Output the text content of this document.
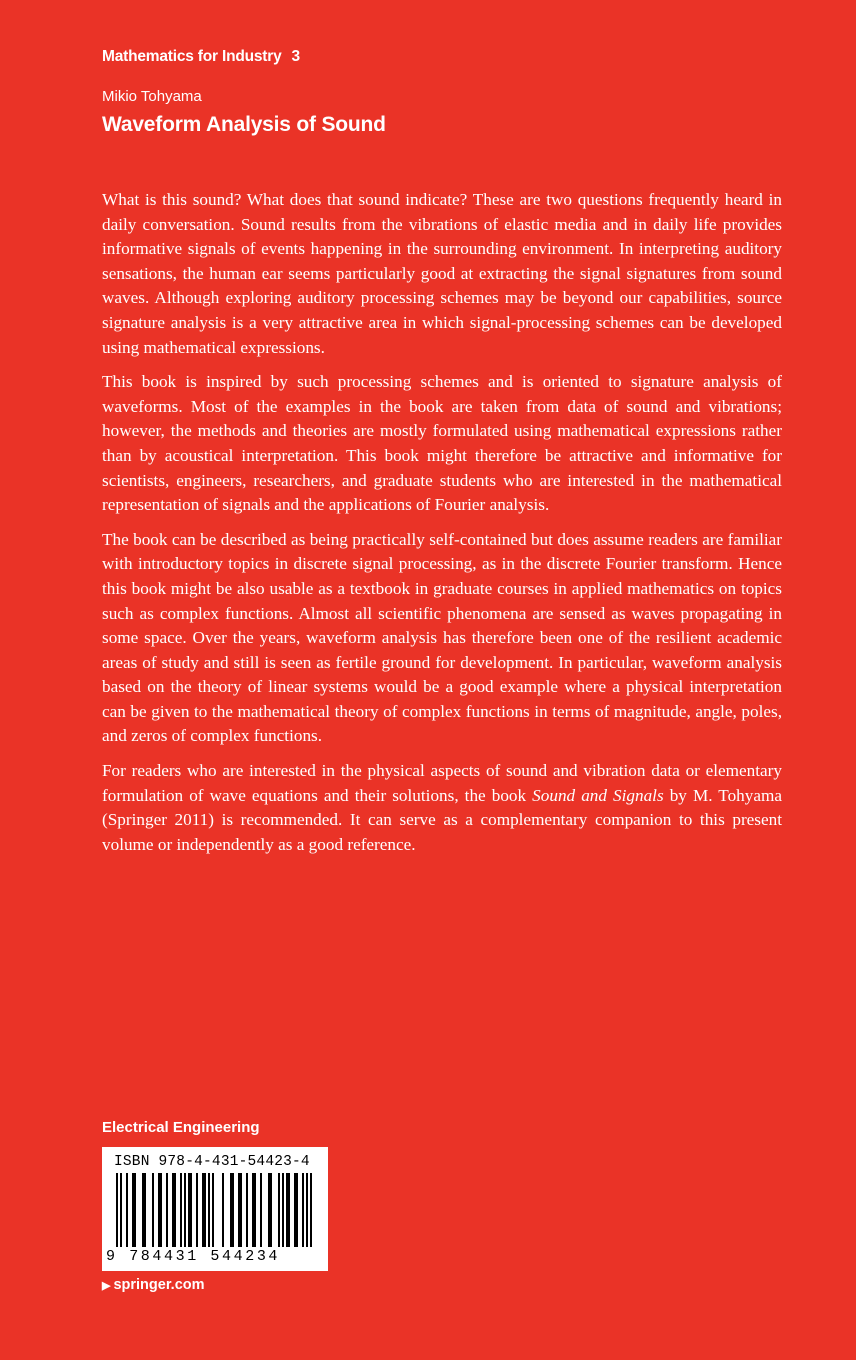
Mathematics for Industry 3
Mikio Tohyama
Waveform Analysis of Sound

What is this sound? What does that sound indicate? These are two questions frequently heard in daily conversation. Sound results from the vibrations of elastic media and in daily life provides informative signals of events happening in the surrounding environment. In interpreting auditory sensations, the human ear seems particularly good at extracting the signal signatures from sound waves. Although exploring auditory processing schemes may be beyond our capabilities, source signature analysis is a very attractive area in which signal-processing schemes can be developed using mathematical expressions.

This book is inspired by such processing schemes and is oriented to signature analysis of waveforms. Most of the examples in the book are taken from data of sound and vibrations; however, the methods and theories are mostly formulated using mathematical expressions rather than by acoustical interpretation. This book might therefore be attractive and informative for scientists, engineers, researchers, and graduate students who are interested in the mathematical representation of signals and the applications of Fourier analysis.

The book can be described as being practically self-contained but does assume readers are familiar with introductory topics in discrete signal processing, as in the discrete Fourier transform. Hence this book might be also usable as a textbook in graduate courses in applied mathematics on topics such as complex functions. Almost all scientific phenomena are sensed as waves propagating in some space. Over the years, waveform analysis has therefore been one of the resilient academic areas of study and still is seen as fertile ground for development. In particular, waveform analysis based on the theory of linear systems would be a good example where a physical interpretation can be given to the mathematical theory of complex functions in terms of magnitude, angle, poles, and zeros of complex functions.

For readers who are interested in the physical aspects of sound and vibration data or elementary formulation of wave equations and their solutions, the book Sound and Signals by M. Tohyama (Springer 2011) is recommended. It can serve as a complementary companion to this present volume or independently as a good reference.

Electrical Engineering
ISBN 978-4-431-54423-4
9 784431 544234
▶ springer.com
